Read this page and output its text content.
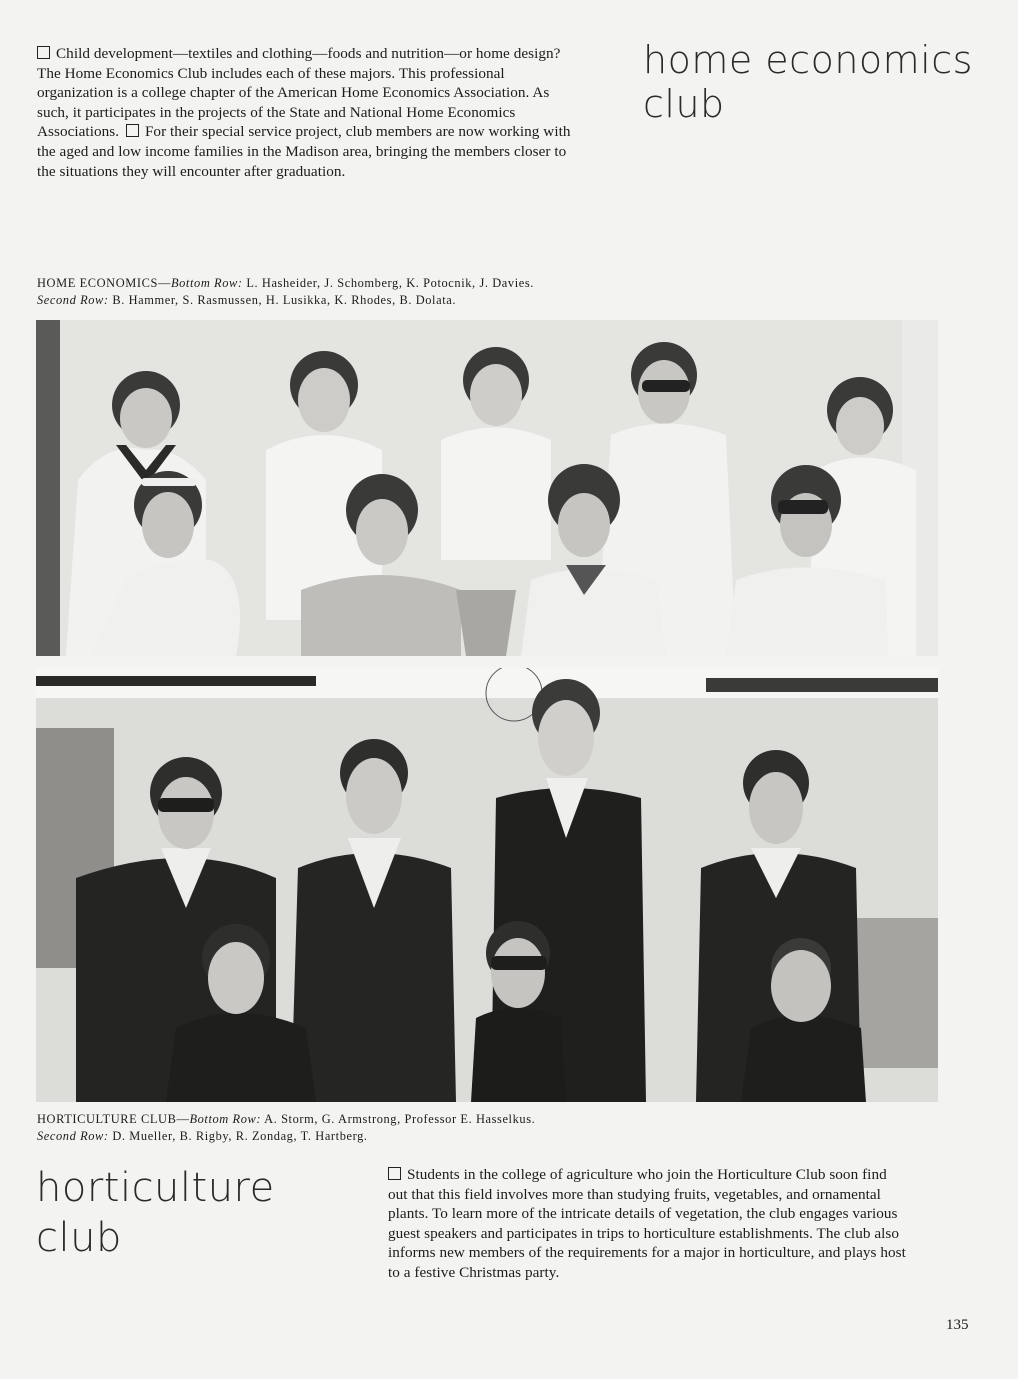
Child development—textiles and clothing—foods and nutrition—or home design? The Home Economics Club includes each of these majors. This professional organization is a college chapter of the American Home Economics Association. As such, it participates in the projects of the State and National Home Economics Associations. For their special service project, club members are now working with the aged and low income families in the Madison area, bringing the members closer to the situations they will encounter after graduation.
home economics
club
HOME ECONOMICS—Bottom Row: L. Hasheider, J. Schomberg, K. Potocnik, J. Davies.
Second Row: B. Hammer, S. Rasmussen, H. Lusikka, K. Rhodes, B. Dolata.
HORTICULTURE CLUB—Bottom Row: A. Storm, G. Armstrong, Professor E. Hasselkus.
Second Row: D. Mueller, B. Rigby, R. Zondag, T. Hartberg.
horticulture
club
Students in the college of agriculture who join the Horticulture Club soon find out that this field involves more than studying fruits, vegetables, and ornamental plants. To learn more of the intricate details of vegetation, the club engages various guest speakers and participates in trips to horticulture establishments. The club also informs new members of the requirements for a major in horticulture, and plays host to a festive Christmas party.
135
